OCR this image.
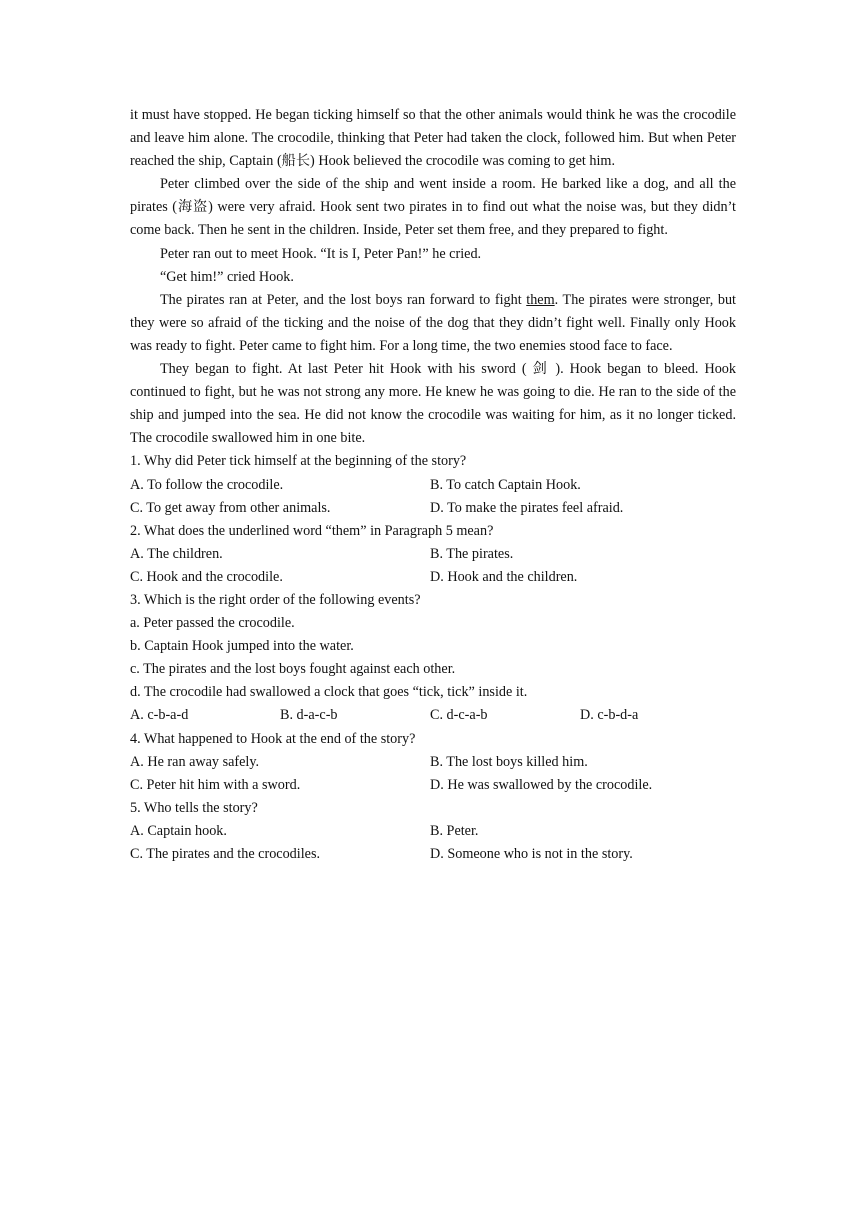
it must have stopped. He began ticking himself so that the other animals would think he was the crocodile and leave him alone. The crocodile, thinking that Peter had taken the clock, followed him. But when Peter reached the ship, Captain (船长) Hook believed the crocodile was coming to get him.

Peter climbed over the side of the ship and went inside a room. He barked like a dog, and all the pirates (海盗) were very afraid. Hook sent two pirates in to find out what the noise was, but they didn’t come back. Then he sent in the children. Inside, Peter set them free, and they prepared to fight.

Peter ran out to meet Hook. “It is I, Peter Pan!” he cried.

“Get him!” cried Hook.

The pirates ran at Peter, and the lost boys ran forward to fight them. The pirates were stronger, but they were so afraid of the ticking and the noise of the dog that they didn’t fight well. Finally only Hook was ready to fight. Peter came to fight him. For a long time, the two enemies stood face to face.

They began to fight. At last Peter hit Hook with his sword ( 剑 ). Hook began to bleed. Hook continued to fight, but he was not strong any more. He knew he was going to die. He ran to the side of the ship and jumped into the sea. He did not know the crocodile was waiting for him, as it no longer ticked. The crocodile swallowed him in one bite.

1. Why did Peter tick himself at the beginning of the story?
A. To follow the crocodile.	B. To catch Captain Hook.
C. To get away from other animals.	D. To make the pirates feel afraid.
2. What does the underlined word “them” in Paragraph 5 mean?
A. The children.	B. The pirates.
C. Hook and the crocodile.	D. Hook and the children.
3. Which is the right order of the following events?
a. Peter passed the crocodile.
b. Captain Hook jumped into the water.
c. The pirates and the lost boys fought against each other.
d. The crocodile had swallowed a clock that goes “tick, tick” inside it.
A. c-b-a-d	B. d-a-c-b	C. d-c-a-b	D. c-b-d-a
4. What happened to Hook at the end of the story?
A. He ran away safely.	B. The lost boys killed him.
C. Peter hit him with a sword.	D. He was swallowed by the crocodile.
5. Who tells the story?
A. Captain hook.	B. Peter.
C. The pirates and the crocodiles.	D. Someone who is not in the story.
